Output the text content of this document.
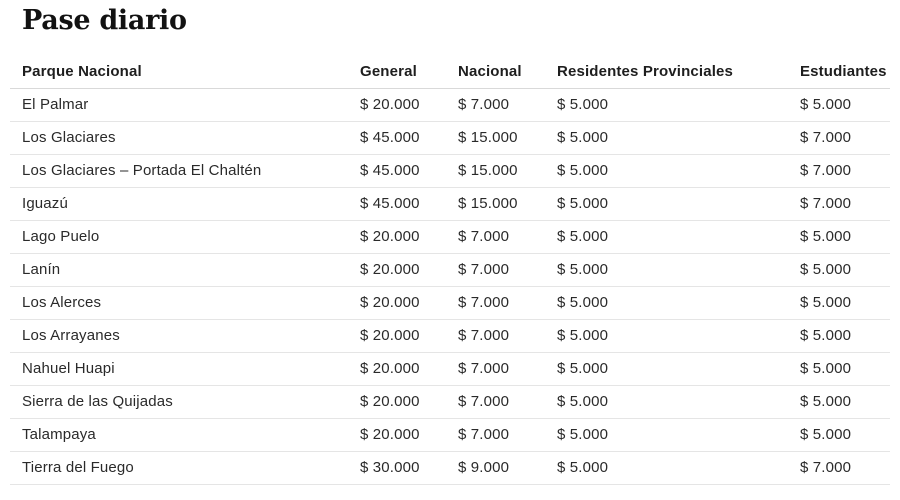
Pase diario
Parque Nacional	General	Nacional	Residentes Provinciales	Estudiantes
El Palmar	$ 20.000	$ 7.000	$ 5.000	$ 5.000
Los Glaciares	$ 45.000	$ 15.000	$ 5.000	$ 7.000
Los Glaciares – Portada El Chaltén	$ 45.000	$ 15.000	$ 5.000	$ 7.000
Iguazú	$ 45.000	$ 15.000	$ 5.000	$ 7.000
Lago Puelo	$ 20.000	$ 7.000	$ 5.000	$ 5.000
Lanín	$ 20.000	$ 7.000	$ 5.000	$ 5.000
Los Alerces	$ 20.000	$ 7.000	$ 5.000	$ 5.000
Los Arrayanes	$ 20.000	$ 7.000	$ 5.000	$ 5.000
Nahuel Huapi	$ 20.000	$ 7.000	$ 5.000	$ 5.000
Sierra de las Quijadas	$ 20.000	$ 7.000	$ 5.000	$ 5.000
Talampaya	$ 20.000	$ 7.000	$ 5.000	$ 5.000
Tierra del Fuego	$ 30.000	$ 9.000	$ 5.000	$ 7.000
